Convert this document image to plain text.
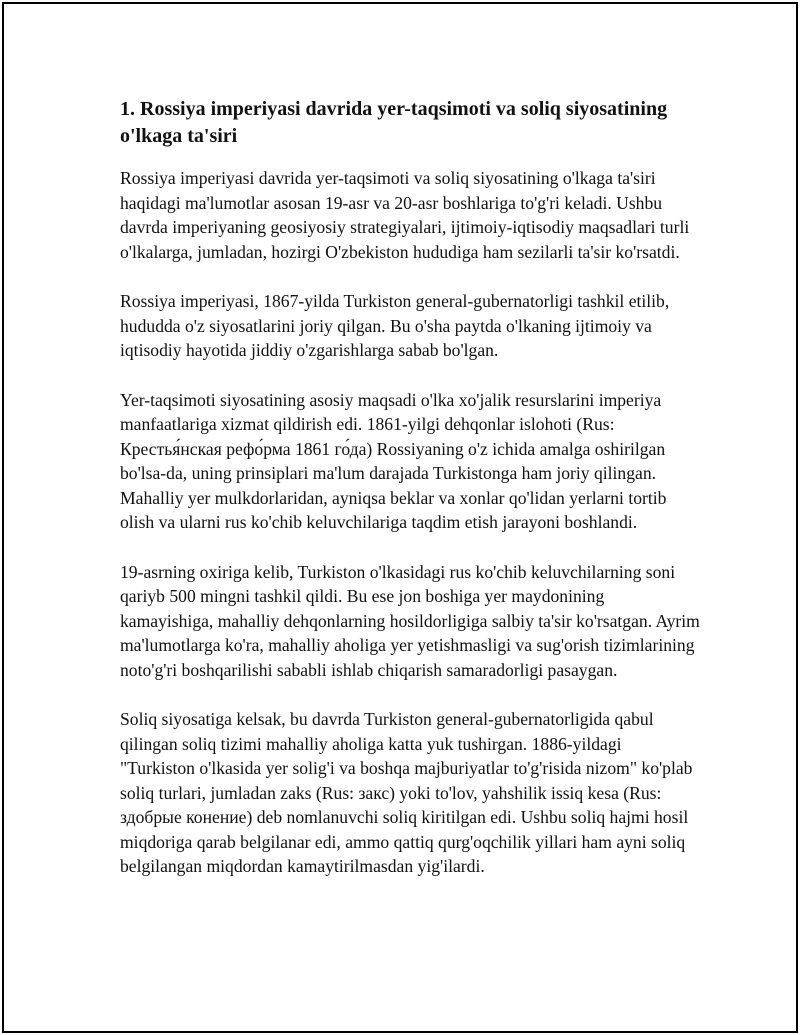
1. Rossiya imperiyasi davrida yer-taqsimoti va soliq siyosatining o'lkaga ta'siri

Rossiya imperiyasi davrida yer-taqsimoti va soliq siyosatining o'lkaga ta'siri haqidagi ma'lumotlar asosan 19-asr va 20-asr boshlariga to'g'ri keladi. Ushbu davrda imperiyaning geosiyosiy strategiyalari, ijtimoiy-iqtisodiy maqsadlari turli o'lkalarga, jumladan, hozirgi O'zbekiston hududiga ham sezilarli ta'sir ko'rsatdi.

Rossiya imperiyasi, 1867-yilda Turkiston general-gubernatorligi tashkil etilib, hududda o'z siyosatlarini joriy qilgan. Bu o'sha paytda o'lkaning ijtimoiy va iqtisodiy hayotida jiddiy o'zgarishlarga sabab bo'lgan.

Yer-taqsimoti siyosatining asosiy maqsadi o'lka xo'jalik resurslarini imperiya manfaatlariga xizmat qildirish edi. 1861-yilgi dehqonlar islohoti (Rus: Крестья́нская рефо́рма 1861 го́да) Rossiyaning o'z ichida amalga oshirilgan bo'lsa-da, uning prinsiplari ma'lum darajada Turkistonga ham joriy qilingan. Mahalliy yer mulkdorlaridan, ayniqsa beklar va xonlar qo'lidan yerlarni tortib olish va ularni rus ko'chib keluvchilariga taqdim etish jarayoni boshlandi.

19-asrning oxiriga kelib, Turkiston o'lkasidagi rus ko'chib keluvchilarning soni qariyb 500 mingni tashkil qildi. Bu ese jon boshiga yer maydonining kamayishiga, mahalliy dehqonlarning hosildorligiga salbiy ta'sir ko'rsatgan. Ayrim ma'lumotlarga ko'ra, mahalliy aholiga yer yetishmasligi va sug'orish tizimlarining noto'g'ri boshqarilishi sababli ishlab chiqarish samaradorligi pasaygan.

Soliq siyosatiga kelsak, bu davrda Turkiston general-gubernatorligida qabul qilingan soliq tizimi mahalliy aholiga katta yuk tushirgan. 1886-yildagi "Turkiston o'lkasida yer solig'i va boshqa majburiyatlar to'g'risida nizom" ko'plab soliq turlari, jumladan zaks (Rus: закс) yoki to'lov, yahshilik issiq kesa (Rus: здобрые конение) deb nomlanuvchi soliq kiritilgan edi. Ushbu soliq hajmi hosil miqdoriga qarab belgilanar edi, ammo qattiq qurg'oqchilik yillari ham ayni soliq belgilangan miqdordan kamaytirilmasdan yig'ilardi.
